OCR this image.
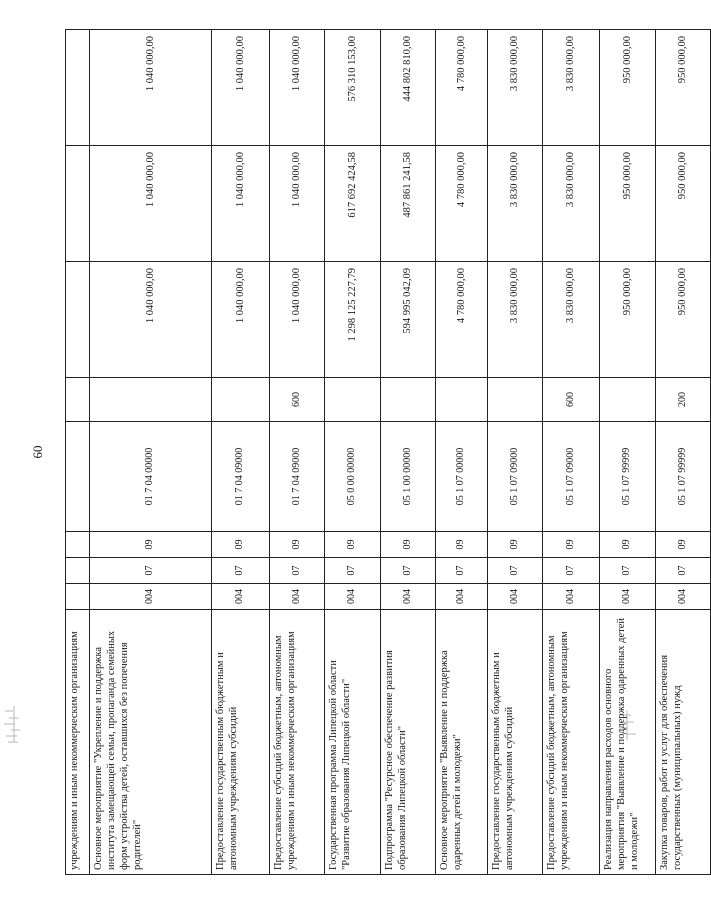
60
учреждениям и иным некоммерческим организациям								
Основное мероприятие "Укрепление и поддержка института замещающей семьи, пропаганда семейных форм устройства детей, оставшихся без попечения родителей"	004	07	09	01 7 04 00000		1 040 000,00	1 040 000,00	1 040 000,00
Предоставление государственным бюджетным и автономным учреждениям субсидий	004	07	09	01 7 04 09000		1 040 000,00	1 040 000,00	1 040 000,00
Предоставление субсидий бюджетным, автономным учреждениям и иным некоммерческим организациям	004	07	09	01 7 04 09000	600	1 040 000,00	1 040 000,00	1 040 000,00
Государственная программа Липецкой области "Развитие образования Липецкой области"	004	07	09	05 0 00 00000		1 298 125 227,79	617 692 424,58	576 310 153,00
Подпрограмма "Ресурсное обеспечение развития образования Липецкой области"	004	07	09	05 1 00 00000		594 995 042,09	487 861 241,58	444 802 810,00
Основное мероприятие "Выявление и поддержка одаренных детей и молодежи"	004	07	09	05 1 07 00000		4 780 000,00	4 780 000,00	4 780 000,00
Предоставление государственным бюджетным и автономным учреждениям субсидий	004	07	09	05 1 07 09000		3 830 000,00	3 830 000,00	3 830 000,00
Предоставление субсидий бюджетным, автономным учреждениям и иным некоммерческим организациям	004	07	09	05 1 07 09000	600	3 830 000,00	3 830 000,00	3 830 000,00
Реализация направления расходов основного мероприятия "Выявление и поддержка одаренных детей и молодежи"	004	07	09	05 1 07 99999		950 000,00	950 000,00	950 000,00
Закупка товаров, работ и услуг для обеспечения государственных (муниципальных) нужд	004	07	09	05 1 07 99999	200	950 000,00	950 000,00	950 000,00
